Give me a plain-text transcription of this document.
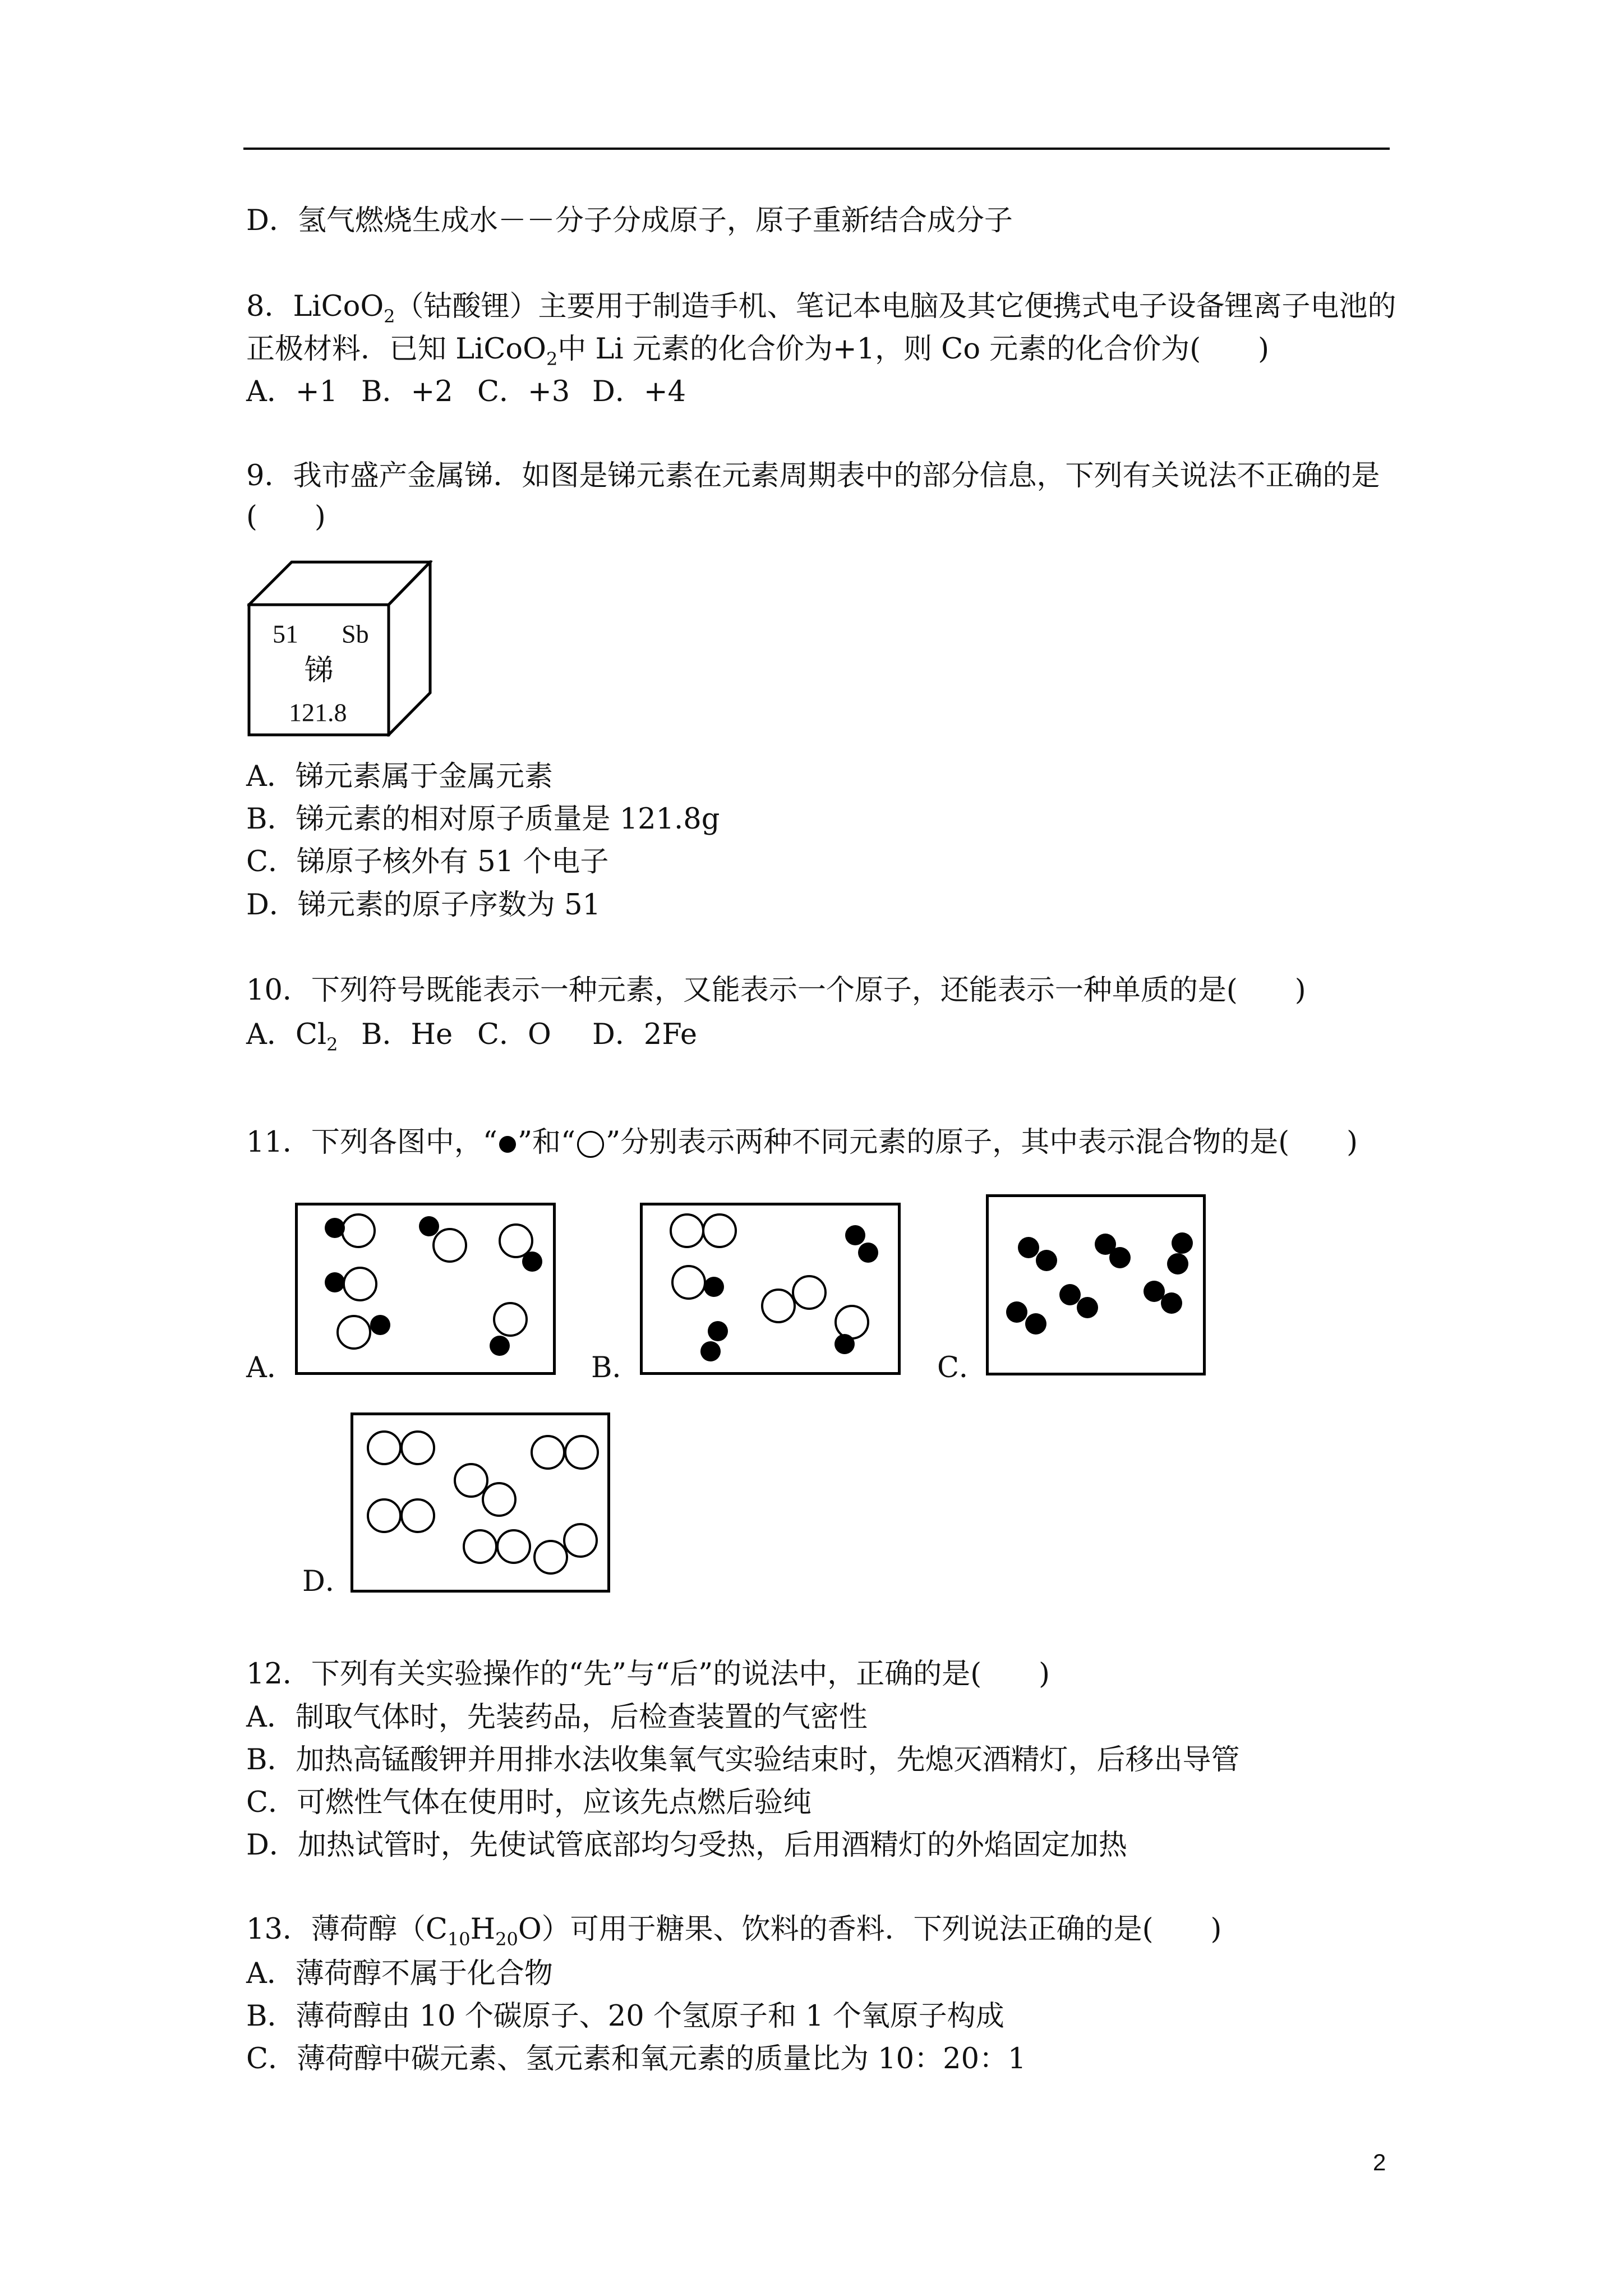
D．氢气燃烧生成水－－分子分成原子，原子重新结合成分子
8．LiCoO$_2$（钴酸锂）主要用于制造手机、笔记本电脑及其它便携式电子设备锂离子电池的
正极材料．已知 LiCoO$_2$中 Li 元素的化合价为+1，则 Co 元素的化合价为(　　)
A．+1 B．+2 C．+3 D．+4
9．我市盛产金属锑．如图是锑元素在元素周期表中的部分信息，下列有关说法不正确的是
(　　)
51 Sb
锑
121.8
A．锑元素属于金属元素
B．锑元素的相对原子质量是 121.8g
C．锑原子核外有 51 个电子
D．锑元素的原子序数为 51
10．下列符号既能表示一种元素，又能表示一个原子，还能表示一种单质的是(　　)
A．$Cl_2$ B．He C．O D．2Fe
11．下列各图中，“ ”和“ ”分别表示两种不同元素的原子，其中表示混合物的是(　　)
A．	B．	C．
D．
12．下列有关实验操作的“先”与“后”的说法中，正确的是(　　)
A．制取气体时，先装药品，后检查装置的气密性
B．加热高锰酸钾并用排水法收集氧气实验结束时，先熄灭酒精灯，后移出导管
C．可燃性气体在使用时，应该先点燃后验纯
D．加热试管时，先使试管底部均匀受热，后用酒精灯的外焰固定加热
13．薄荷醇$(C_{10}H_{20}O)$可用于糖果、饮料的香料．下列说法正确的是(　　)
A．薄荷醇不属于化合物
B．薄荷醇由 10 个碳原子、20 个氢原子和 1 个氧原子构成
C．薄荷醇中碳元素、氢元素和氧元素的质量比为 10：20：1
2
